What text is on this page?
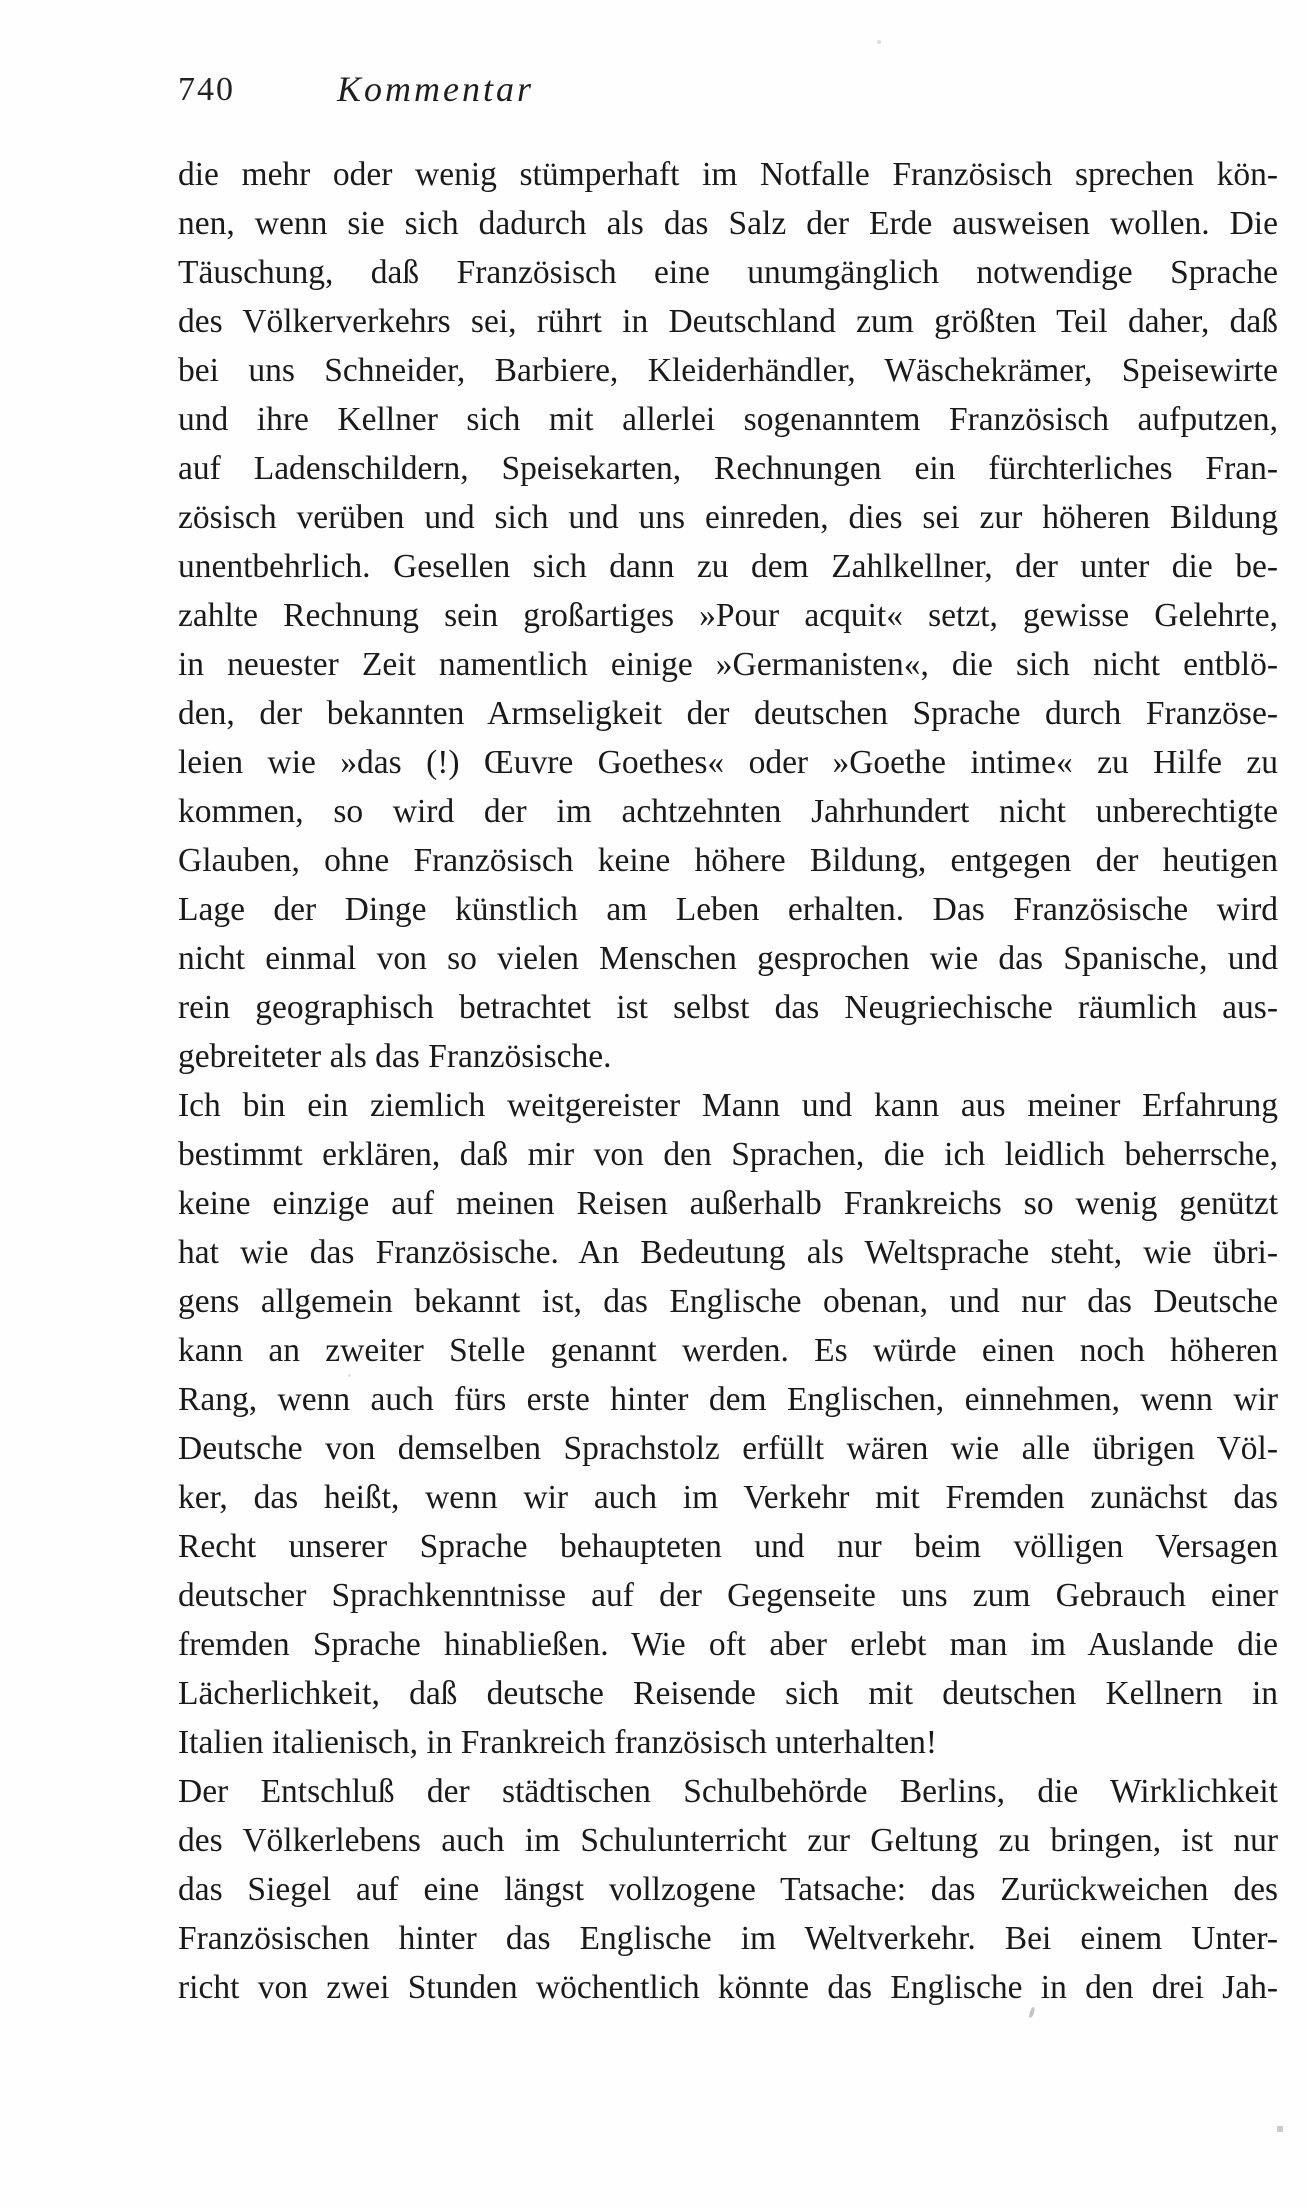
740	Kommentar
die mehr oder wenig stümperhaft im Notfalle Französisch sprechen kön-
nen, wenn sie sich dadurch als das Salz der Erde ausweisen wollen. Die
Täuschung, daß Französisch eine unumgänglich notwendige Sprache
des Völkerverkehrs sei, rührt in Deutschland zum größten Teil daher, daß
bei uns Schneider, Barbiere, Kleiderhändler, Wäschekrämer, Speisewirte
und ihre Kellner sich mit allerlei sogenanntem Französisch aufputzen,
auf Ladenschildern, Speisekarten, Rechnungen ein fürchterliches Fran-
zösisch verüben und sich und uns einreden, dies sei zur höheren Bildung
unentbehrlich. Gesellen sich dann zu dem Zahlkellner, der unter die be-
zahlte Rechnung sein großartiges »Pour acquit« setzt, gewisse Gelehrte,
in neuester Zeit namentlich einige »Germanisten«, die sich nicht entblö-
den, der bekannten Armseligkeit der deutschen Sprache durch Französe-
leien wie »das (!) Œuvre Goethes« oder »Goethe intime« zu Hilfe zu
kommen, so wird der im achtzehnten Jahrhundert nicht unberechtigte
Glauben, ohne Französisch keine höhere Bildung, entgegen der heutigen
Lage der Dinge künstlich am Leben erhalten. Das Französische wird
nicht einmal von so vielen Menschen gesprochen wie das Spanische, und
rein geographisch betrachtet ist selbst das Neugriechische räumlich aus-
gebreiteter als das Französische.
Ich bin ein ziemlich weitgereister Mann und kann aus meiner Erfahrung
bestimmt erklären, daß mir von den Sprachen, die ich leidlich beherrsche,
keine einzige auf meinen Reisen außerhalb Frankreichs so wenig genützt
hat wie das Französische. An Bedeutung als Weltsprache steht, wie übri-
gens allgemein bekannt ist, das Englische obenan, und nur das Deutsche
kann an zweiter Stelle genannt werden. Es würde einen noch höheren
Rang, wenn auch fürs erste hinter dem Englischen, einnehmen, wenn wir
Deutsche von demselben Sprachstolz erfüllt wären wie alle übrigen Völ-
ker, das heißt, wenn wir auch im Verkehr mit Fremden zunächst das
Recht unserer Sprache behaupteten und nur beim völligen Versagen
deutscher Sprachkenntnisse auf der Gegenseite uns zum Gebrauch einer
fremden Sprache hinabließen. Wie oft aber erlebt man im Auslande die
Lächerlichkeit, daß deutsche Reisende sich mit deutschen Kellnern in
Italien italienisch, in Frankreich französisch unterhalten!
Der Entschluß der städtischen Schulbehörde Berlins, die Wirklichkeit
des Völkerlebens auch im Schulunterricht zur Geltung zu bringen, ist nur
das Siegel auf eine längst vollzogene Tatsache: das Zurückweichen des
Französischen hinter das Englische im Weltverkehr. Bei einem Unter-
richt von zwei Stunden wöchentlich könnte das Englische in den drei Jah-
